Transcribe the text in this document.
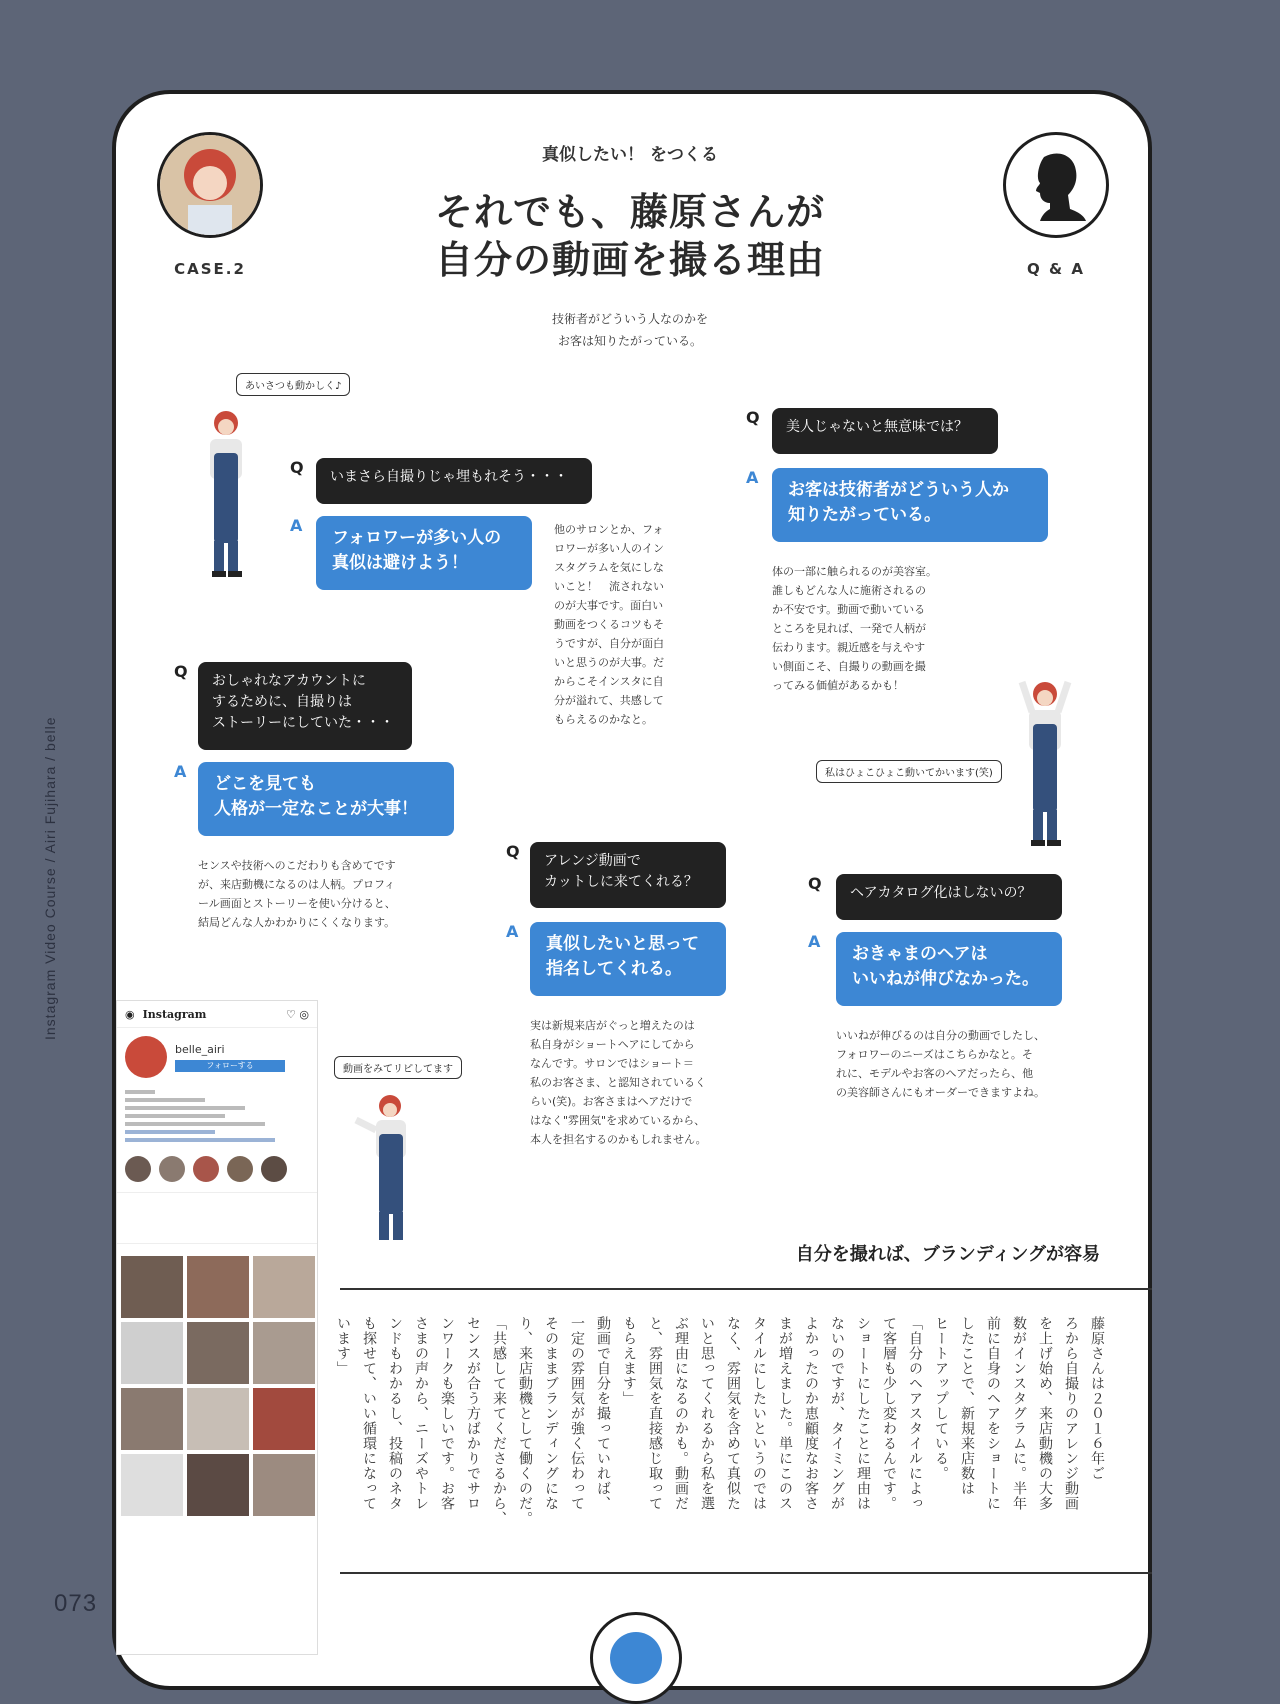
Instagram Video Course / Airi Fujihara / belle
073
CASE.2	Q & A
真似したい！ をつくる
それでも、藤原さんが
自分の動画を撮る理由
技術者がどういう人なのかを
お客は知りたがっている。
あいさつも動かしく♪
私はひょこひょこ動いてかいます(笑)
動画をみてリピしてます
Q	いまさら自撮りじゃ埋もれそう・・・
A
フォロワーが多い人の
真似は避けよう！
他のサロンとか、フォ
ロワーが多い人のイン
スタグラムを気にしな
いこと！　流されない
のが大事です。面白い
動画をつくるコツもそ
うですが、自分が面白
いと思うのが大事。だ
からこそインスタに自
分が溢れて、共感して
もらえるのかなと。
Q	美人じゃないと無意味では？
A
お客は技術者がどういう人か
知りたがっている。
体の一部に触られるのが美容室。
誰しもどんな人に施術されるの
か不安です。動画で動いている
ところを見れば、一発で人柄が
伝わります。親近感を与えやす
い側面こそ、自撮りの動画を撮
ってみる価値があるかも！
Q おしゃれなアカウントに
するために、自撮りは
ストーリーにしていた・・・
A
どこを見ても
人格が一定なことが大事！
センスや技術へのこだわりも含めてです
が、来店動機になるのは人柄。プロフィ
ール画面とストーリーを使い分けると、
結局どんな人かわかりにくくなります。
Q アレンジ動画で
カットしに来てくれる？
A
真似したいと思って
指名してくれる。
実は新規来店がぐっと増えたのは
私自身がショートヘアにしてから
なんです。サロンではショート＝
私のお客さま、と認知されているく
らい(笑)。お客さまはヘアだけで
はなく"雰囲気"を求めているから、
本人を担名するのかもしれません。
Q	ヘアカタログ化はしないの？
A
おきゃまのヘアは
いいねが伸びなかった。
いいねが伸びるのは自分の動画でしたし、
フォロワーのニーズはこちらかなと。そ
れに、モデルやお客のヘアだったら、他
の美容師さんにもオーダーできますよね。
自分を撮れば、ブランディングが容易
藤原さんは２０１６年ご
ろから自撮りのアレンジ動画
を上げ始め、来店動機の大多
数がインスタグラムに。半年
前に自身のヘアをショートに
したことで、新規来店数は
ヒートアップしている。
「自分のヘアスタイルによっ
て客層も少し変わるんです。
ショートにしたことに理由は
ないのですが、タイミングが
よかったのか恵顧度なお客さ
まが増えました。単にこのス
タイルにしたいというのでは
なく、雰囲気を含めて真似た
いと思ってくれるから私を選
ぶ理由になるのかも。動画だ
と、雰囲気を直接感じ取って
もらえます」
動画で自分を撮っていれば、
一定の雰囲気が強く伝わって
そのままブランディングにな
り、来店動機として働くのだ。
「共感して来てくださるから、
センスが合う方ばかりでサロ
ンワークも楽しいです。お客
さまの声から、ニーズやトレ
ンドもわかるし、投稿のネタ
も探せて、いい循環になって
います」
◉ Instagram	♡ ◎
belle_airi
フォローする
